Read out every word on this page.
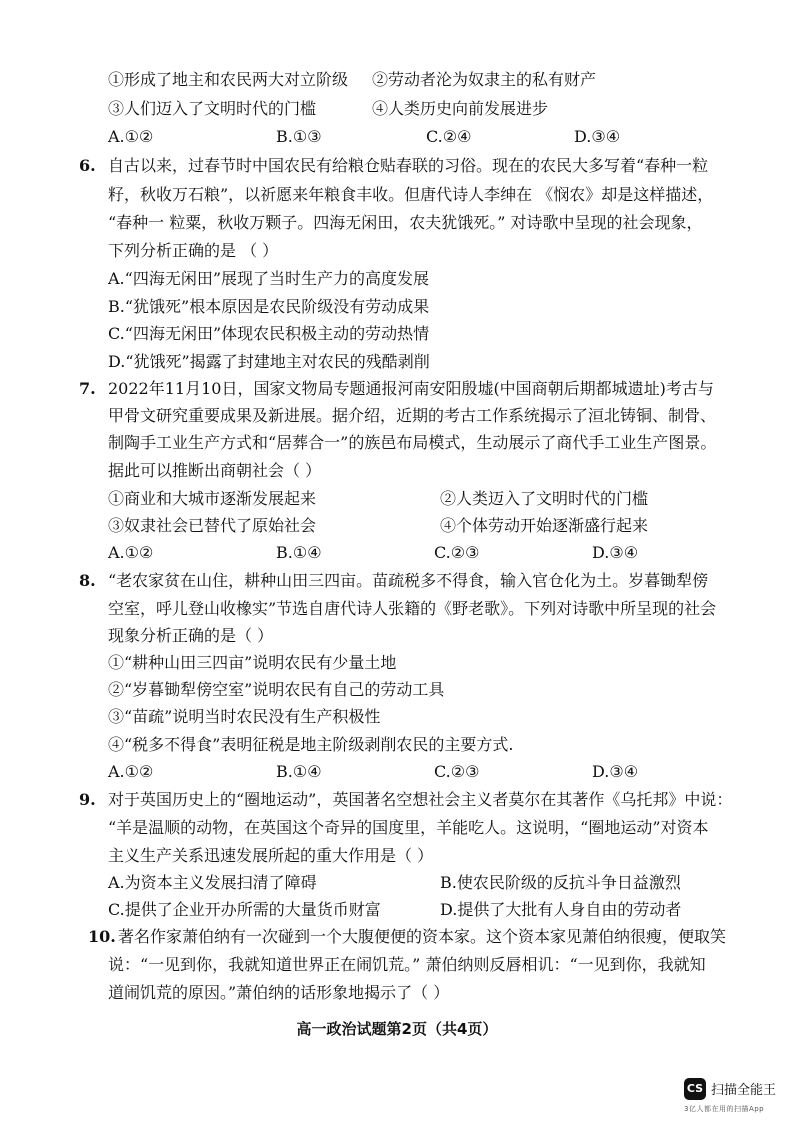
①形成了地主和农民两大对立阶级 ②劳动者沦为奴隶主的私有财产
③人们迈入了文明时代的门槛	④人类历史向前发展进步
A.①②	B.①③	C.②④	D.③④
6. 自古以来，过春节时中国农民有给粮仓贴春联的习俗。现在的农民大多写着“春种一粒
籽，秋收万石粮”，以祈愿来年粮食丰收。但唐代诗人李绅在 《悯农》却是这样描述，
“春种一 粒粟，秋收万颗子。四海无闲田，农夫犹饿死。” 对诗歌中呈现的社会现象，
下列分析正确的是 （ ）
A.“四海无闲田”展现了当时生产力的高度发展
B.“犹饿死”根本原因是农民阶级没有劳动成果
C.“四海无闲田”体现农民积极主动的劳动热情
D.“犹饿死”揭露了封建地主对农民的残酷剥削
7. 2022年11月10日，国家文物局专题通报河南安阳殷墟(中国商朝后期都城遗址)考古与
甲骨文研究重要成果及新进展。据介绍，近期的考古工作系统揭示了洹北铸铜、制骨、
制陶手工业生产方式和“居葬合一”的族邑布局模式，生动展示了商代手工业生产图景。
据此可以推断出商朝社会（ ）
①商业和大城市逐渐发展起来	②人类迈入了文明时代的门槛
③奴隶社会已替代了原始社会	④个体劳动开始逐渐盛行起来
A.①②	B.①④	C.②③	D.③④
8. “老农家贫在山住，耕种山田三四亩。苗疏税多不得食，输入官仓化为土。岁暮锄犁傍
空室，呼儿登山收橡实”节选自唐代诗人张籍的《野老歌》。下列对诗歌中所呈现的社会
现象分析正确的是（ ）
①“耕种山田三四亩”说明农民有少量土地
②“岁暮锄犁傍空室”说明农民有自己的劳动工具
③“苗疏”说明当时农民没有生产积极性
④“税多不得食”表明征税是地主阶级剥削农民的主要方式.
A.①②	B.①④	C.②③	D.③④
9. 对于英国历史上的“圈地运动”，英国著名空想社会主义者莫尔在其著作《乌托邦》中说：
“羊是温顺的动物，在英国这个奇异的国度里，羊能吃人。这说明，“圈地运动”对资本
主义生产关系迅速发展所起的重大作用是（ ）
A.为资本主义发展扫清了障碍	B.使农民阶级的反抗斗争日益激烈
C.提供了企业开办所需的大量货币财富	D.提供了大批有人身自由的劳动者
10. 著名作家萧伯纳有一次碰到一个大腹便便的资本家。这个资本家见萧伯纳很瘦，便取笑
说：“一见到你，我就知道世界正在闹饥荒。” 萧伯纳则反唇相讥：“一见到你，我就知
道闹饥荒的原因。”萧伯纳的话形象地揭示了（ ）
高一政治试题第2页（共4页）
CS 扫描全能王
3亿人都在用的扫描App
